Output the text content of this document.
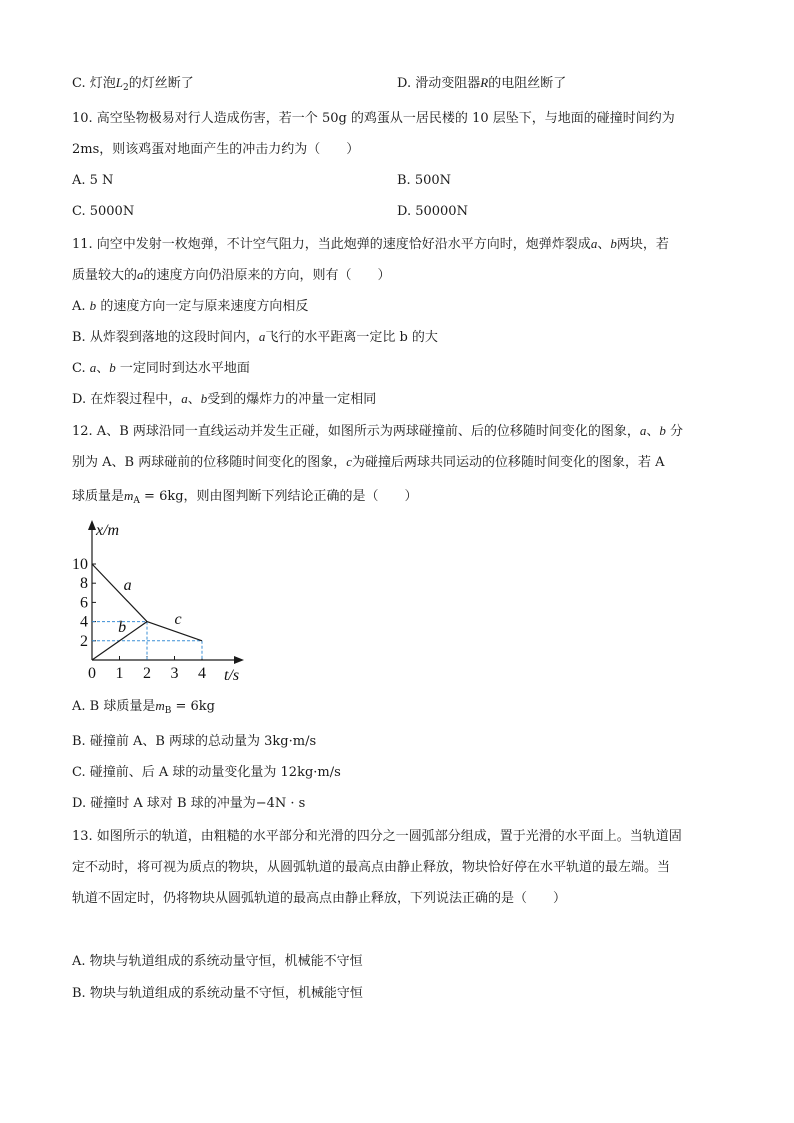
C. 灯泡$L_2$的灯丝断了	D. 滑动变阻器R的电阻丝断了
10. 高空坠物极易对行人造成伤害，若一个 50g 的鸡蛋从一居民楼的 10 层坠下，与地面的碰撞时间约为
2ms，则该鸡蛋对地面产生的冲击力约为（　　）
A. 5 N	B. 500N
C. 5000N	D. 50000N
11. 向空中发射一枚炮弹，不计空气阻力，当此炮弹的速度恰好沿水平方向时，炮弹炸裂成a、b两块，若
质量较大的a的速度方向仍沿原来的方向，则有（　　）
A. b 的速度方向一定与原来速度方向相反
B. 从炸裂到落地的这段时间内，a飞行的水平距离一定比 b 的大
C. a、b 一定同时到达水平地面
D. 在炸裂过程中，a、b受到的爆炸力的冲量一定相同
12. A、B 两球沿同一直线运动并发生正碰，如图所示为两球碰撞前、后的位移随时间变化的图象，a、b 分
别为 A、B 两球碰前的位移随时间变化的图象，c为碰撞后两球共同运动的位移随时间变化的图象，若 A
球质量是$m_A = 6kg$，则由图判断下列结论正确的是（　　）
0 1 2 3 4
2
4
6
8
10
x/m
t/s
a
b	c
A. B 球质量是$m_B = 6kg$
B. 碰撞前 A、B 两球的总动量为 3kg·m/s
C. 碰撞前、后 A 球的动量变化量为 12kg·m/s
D. 碰撞时 A 球对 B 球的冲量为−4N · s
13. 如图所示的轨道，由粗糙的水平部分和光滑的四分之一圆弧部分组成，置于光滑的水平面上。当轨道固
定不动时，将可视为质点的物块，从圆弧轨道的最高点由静止释放，物块恰好停在水平轨道的最左端。当
轨道不固定时，仍将物块从圆弧轨道的最高点由静止释放，下列说法正确的是（　　）
A. 物块与轨道组成的系统动量守恒，机械能不守恒
B. 物块与轨道组成的系统动量不守恒，机械能守恒
